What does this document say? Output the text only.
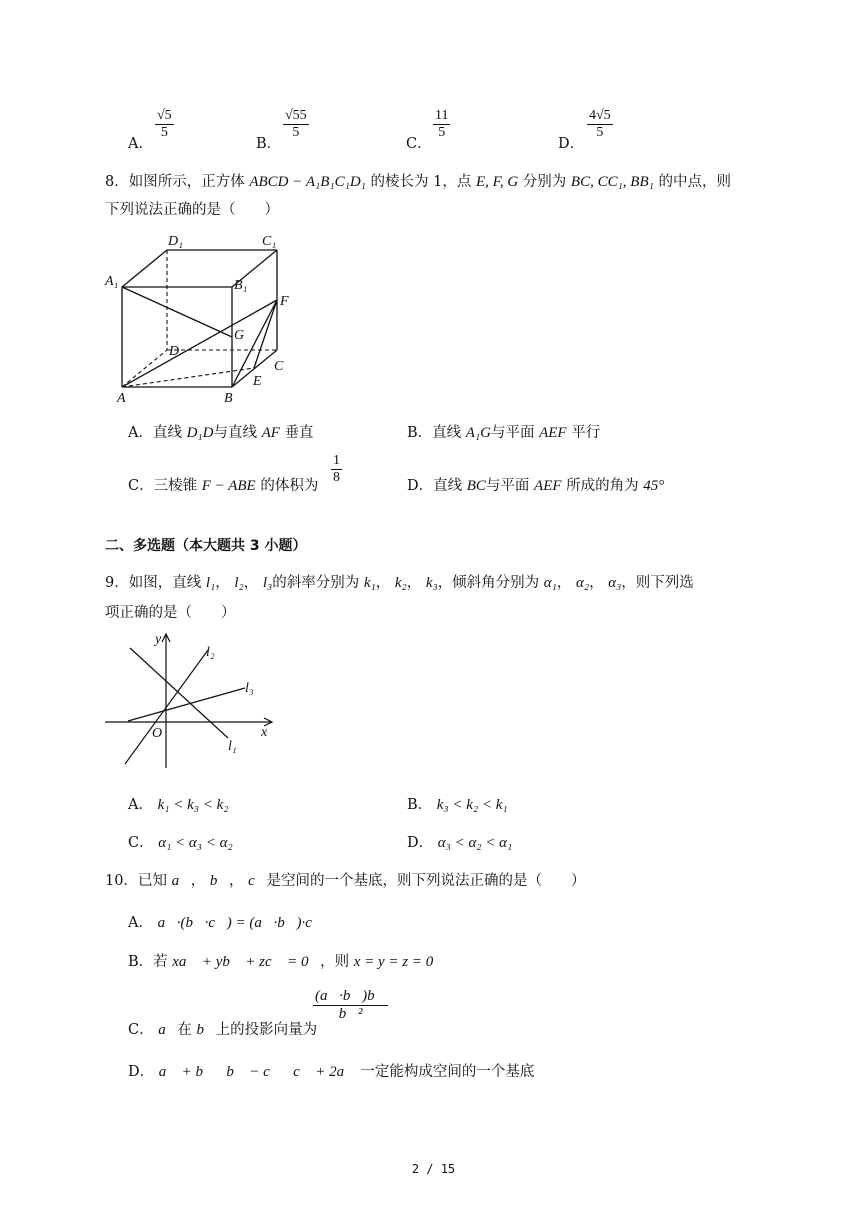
A．
√5
5
B．
√55
5
C．
11
5
D．
4√5
5
8．如图所示，正方体 ABCD − A₁B₁C₁D₁ 的棱长为 1，点 E, F, G 分别为 BC, CC₁, BB₁ 的中点，则
下列说法正确的是（　　）
D₁	C₁
A₁	B₁
F
G
D
C
E
A	B
A．直线 D₁D与直线 AF 垂直	B．直线 A₁G与平面 AEF 平行
C．三棱锥 F − ABE 的体积为
1
8
D．直线 BC与平面 AEF 所成的角为 45°
二、多选题（本大题共 3 小题）
9．如图，直线 l₁， l₂， l₃的斜率分别为 k₁， k₂， k₃，倾斜角分别为 α₁， α₂， α₃，则下列选
项正确的是（　　）
y
x
O
l₁
l₂
l₃
A． k₁ < k₃ < k₂	B． k₃ < k₂ < k₁
C． α₁ < α₃ < α₂	D． α₃ < α₂ < α₁
10．已知 a⃗， b⃗， c⃗是空间的一个基底，则下列说法正确的是（　　）
A． a⃗·(b⃗·c⃗) = (a⃗·b⃗)·c⃗
B．若 xa⃗ + yb⃗ + zc⃗ = 0⃗，则 x = y = z = 0
C． a⃗在 b⃗上的投影向量为
(a⃗·b⃗)b⃗
b⃗²
D． a⃗ + b⃗，b⃗ − c⃗，c⃗ + 2a⃗ 一定能构成空间的一个基底
2 / 15
